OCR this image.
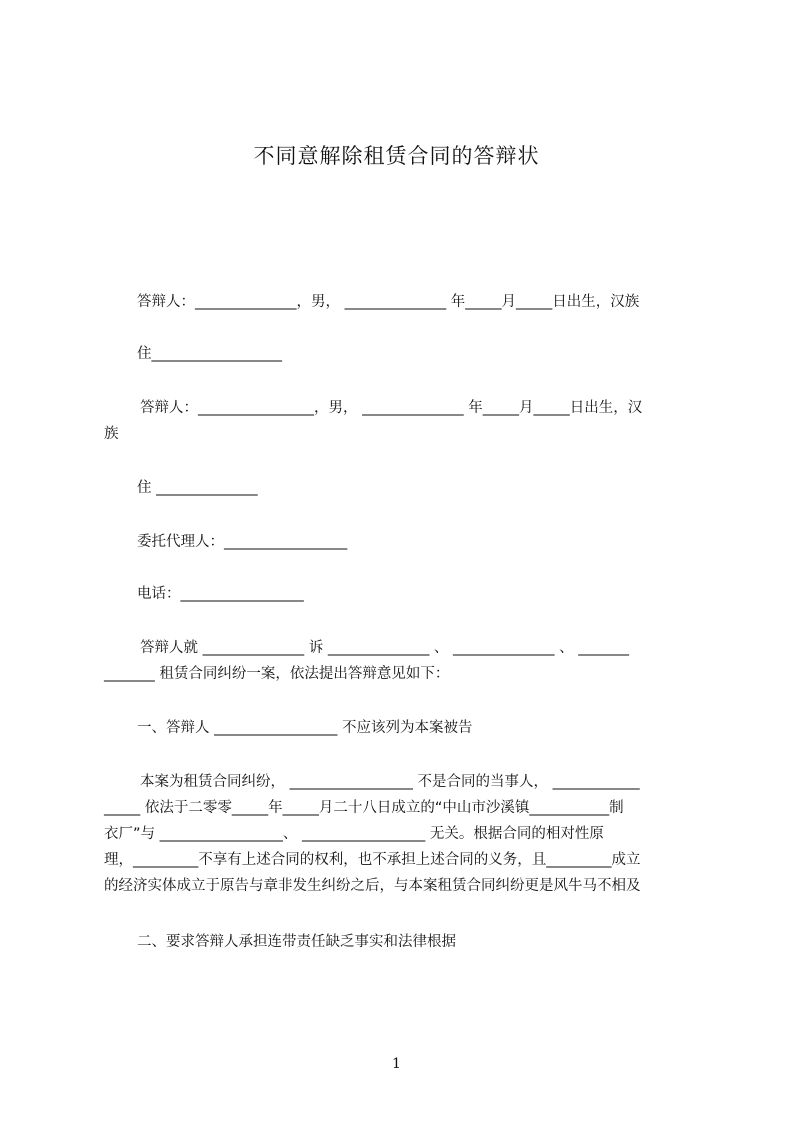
不同意解除租赁合同的答辩状
答辩人：______________，男， ______________ 年_____月_____日出生，汉族
住__________________
答辩人：________________，男， ______________ 年_____月_____日出生，汉
族
住 ______________
委托代理人：_________________
电话：_________________
答辩人就 ______________ 诉 ______________ 、 ______________ 、 _______
_______ 租赁合同纠纷一案，依法提出答辩意见如下：
一、答辩人 _________________ 不应该列为本案被告
本案为租赁合同纠纷， _________________ 不是合同的当事人， ____________
_____ 依法于二零零_____年_____月二十八日成立的“中山市沙溪镇___________制
衣厂”与 _________________、 _________________ 无关。根据合同的相对性原
理，_________不享有上述合同的权利，也不承担上述合同的义务，且_________成立
的经济实体成立于原告与章非发生纠纷之后，与本案租赁合同纠纷更是风牛马不相及
二、要求答辩人承担连带责任缺乏事实和法律根据
1
